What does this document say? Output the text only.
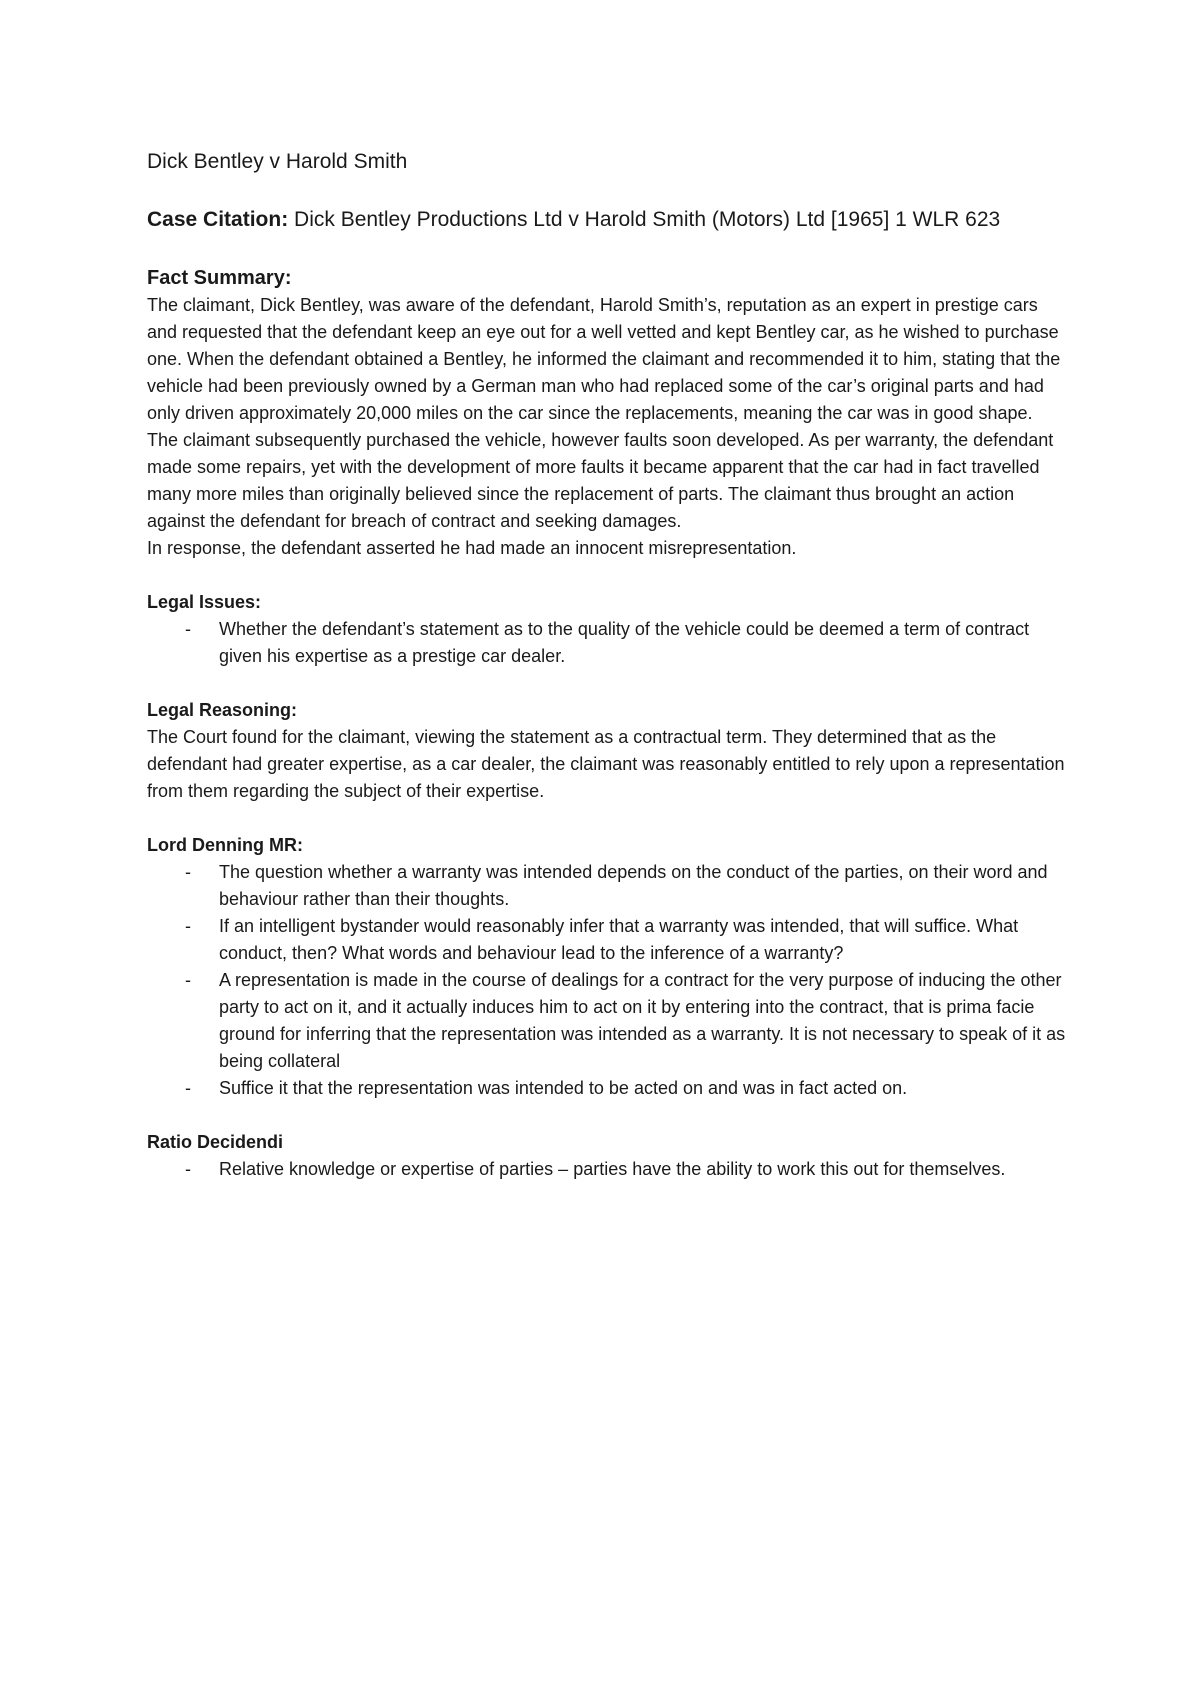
Dick Bentley v Harold Smith
Case Citation: Dick Bentley Productions Ltd v Harold Smith (Motors) Ltd [1965] 1 WLR 623
Fact Summary:

The claimant, Dick Bentley, was aware of the defendant, Harold Smith’s, reputation as an expert in prestige cars and requested that the defendant keep an eye out for a well vetted and kept Bentley car, as he wished to purchase one. When the defendant obtained a Bentley, he informed the claimant and recommended it to him, stating that the vehicle had been previously owned by a German man who had replaced some of the car’s original parts and had only driven approximately 20,000 miles on the car since the replacements, meaning the car was in good shape. The claimant subsequently purchased the vehicle, however faults soon developed. As per warranty, the defendant made some repairs, yet with the development of more faults it became apparent that the car had in fact travelled many more miles than originally believed since the replacement of parts. The claimant thus brought an action against the defendant for breach of contract and seeking damages.

In response, the defendant asserted he had made an innocent misrepresentation.

Legal Issues:
- Whether the defendant’s statement as to the quality of the vehicle could be deemed a term of contract given his expertise as a prestige car dealer.
Legal Reasoning:

The Court found for the claimant, viewing the statement as a contractual term. They determined that as the defendant had greater expertise, as a car dealer, the claimant was reasonably entitled to rely upon a representation from them regarding the subject of their expertise.

Lord Denning MR:
- The question whether a warranty was intended depends on the conduct of the parties, on their word and behaviour rather than their thoughts.
- If an intelligent bystander would reasonably infer that a warranty was intended, that will suffice. What conduct, then? What words and behaviour lead to the inference of a warranty?
- A representation is made in the course of dealings for a contract for the very purpose of inducing the other party to act on it, and it actually induces him to act on it by entering into the contract, that is prima facie ground for inferring that the representation was intended as a warranty. It is not necessary to speak of it as being collateral
- Suffice it that the representation was intended to be acted on and was in fact acted on.
Ratio Decidendi
- Relative knowledge or expertise of parties – parties have the ability to work this out for themselves.
